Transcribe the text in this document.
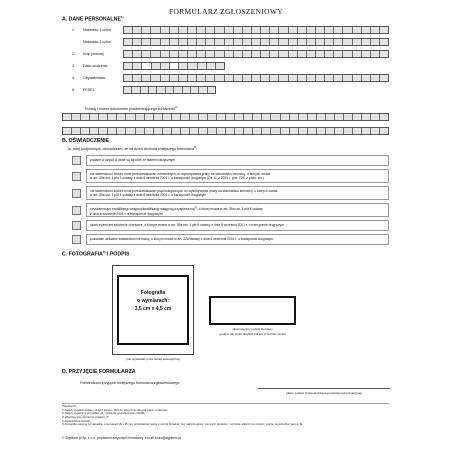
FORMULARZ ZGŁOSZENIOWY
A. DANE PERSONALNE$^{1)}$
1. Nazwisko 1 człon
Nazwisko 2 człon
2. Imię (imiona)
3. Data urodzenia
4. Obywatelstwo
5. PESEL
Rodzaj i numer dokumentu potwierdzającego tożsamość$^{2)}$
B. OŚWIADCZENIE
Ja, niżej podpisany/a, oświadczam, że na dzień złożenia niniejszego formularza$^{3)}$:
podane w części A dane są zgodne ze stanem faktycznym
nie stwierdzono wobec mnie przeciwwskazań zdrowotnych do wykonywania pracy na stanowisku kierowcy, o których mowa
w art. 39a ust. 1 pkt 3 ustawy z dnia 6 września 2001 r. o transporcie drogowym (Dz. U. z 2024 r. poz. 728, z późn. zm.)
nie stwierdzono wobec mnie przeciwwskazań psychologicznych do wykonywania pracy na stanowisku kierowcy, o których mowa
w art. 39a ust. 1 pkt 4 ustawy z dnia 6 września 2001 r. o transporcie drogowym
uzyskałem/am kwalifikację wstępną/kwalifikację wstępną przyspieszoną$^{4)}$, o której mowa w art. 39a ust. 1 pkt 5 ustawy
z dnia 6 września 2001 r. o transporcie drogowym
ukończyłem/am szkolenie okresowe, o którym mowa w art. 39a ust. 1 pkt 6 ustawy z dnia 6 września 2001 r. o transporcie drogowym
posiadam aktualne świadectwo kierowcy, o którym mowa w art. 32a ustawy z dnia 6 września 2001 r. o transporcie drogowym
C. FOTOGRAFIA$^{5)}$ I PODPIS
Fotografia
o wymiarach:
3,5 cm x 4,5 cm
(nie wystawiać poza ramkę wewnętrzną)
własnoręczny podpis kierowcy
(podpis nie może dotykać pól ani przecinać ramki)
D. PRZYJĘCIE FORMULARZA
Potwierdzam przyjęcie niniejszego formularza zgłoszeniowego
(data i podpis przewodniczącego komisji egzaminacyjnej)
Objaśnienia:
1) Należy wypełnić drukiem, dużymi literami. Rubryki, których nie dotyczą należy przekreślić.
2) Należy wypełnić w przypadku, gdy osoba nie posiada numeru PESEL.
3) Właściwe pole zaznaczyć znakiem „X”.
4) Niepotrzebne skreślić.
5) Fotografia powinna być aktualna, o wymiarach 35 x 45 mm, przedstawiać osobę w pozycji frontalnej, bez nakrycia głowy i ciemnych okularów, z wyraźnie widocznymi oczami i twarzą, na jednolitym jasnym tle.
© Signform.pl Sp. z o.o., producent aktywnych formularzy, e-mail: biuro@signform.pl
